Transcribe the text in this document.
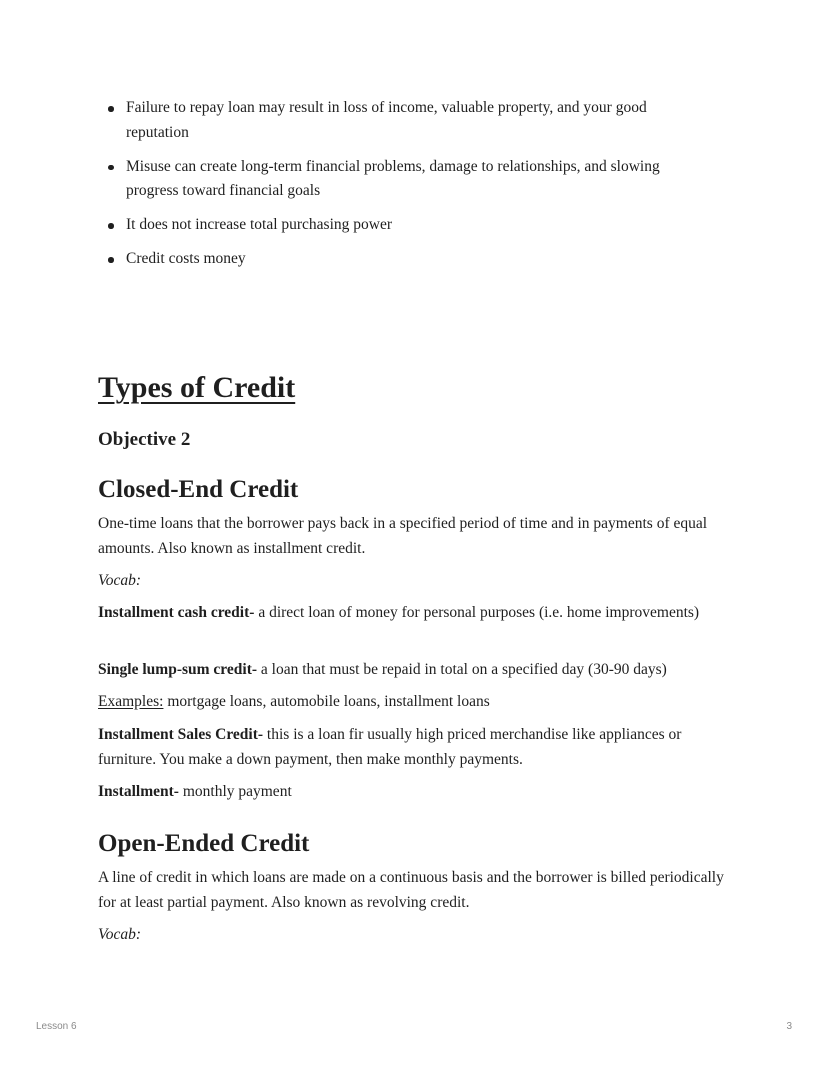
Failure to repay loan may result in loss of income, valuable property, and your good reputation
Misuse can create long-term financial problems, damage to relationships, and slowing progress toward financial goals
It does not increase total purchasing power
Credit costs money
Types of Credit
Objective 2
Closed-End Credit

One-time loans that the borrower pays back in a specified period of time and in payments of equal amounts. Also known as installment credit.

Vocab:

Installment cash credit- a direct loan of money for personal purposes (i.e. home improvements)

Single lump-sum credit- a loan that must be repaid in total on a specified day (30-90 days)

Examples: mortgage loans, automobile loans, installment loans

Installment Sales Credit- this is a loan fir usually high priced merchandise like appliances or furniture. You make a down payment, then make monthly payments.

Installment- monthly payment

Open-Ended Credit

A line of credit in which loans are made on a continuous basis and the borrower is billed periodically for at least partial payment. Also known as revolving credit.

Vocab:

Lesson 6	3
